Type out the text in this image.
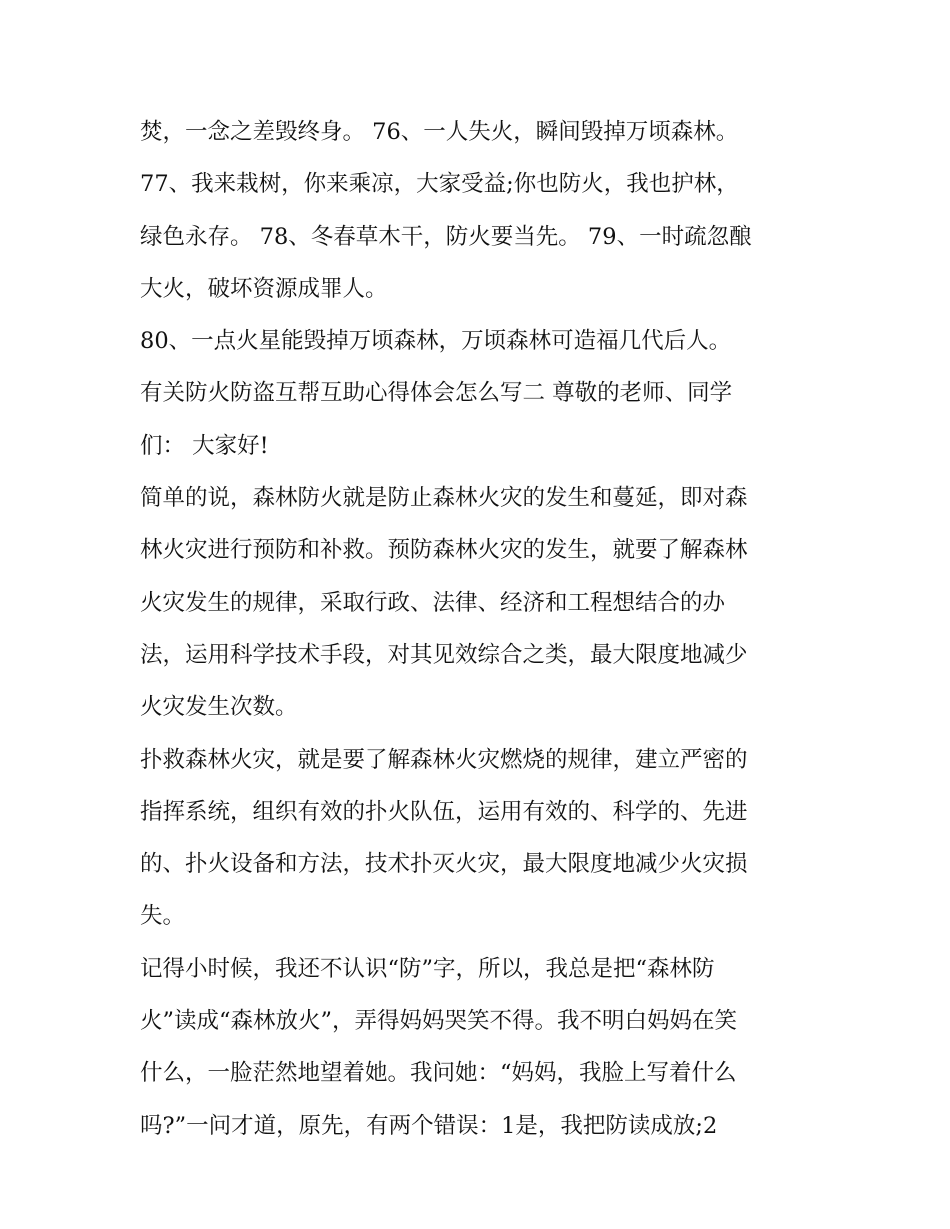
焚，一念之差毁终身。 76、一人失火，瞬间毁掉万顷森林。
77、我来栽树，你来乘凉，大家受益;你也防火，我也护林，
绿色永存。 78、冬春草木干，防火要当先。 79、一时疏忽酿
大火，破坏资源成罪人。
80、一点火星能毁掉万顷森林，万顷森林可造福几代后人。
有关防火防盗互帮互助心得体会怎么写二 尊敬的老师、同学
们： 大家好!
简单的说，森林防火就是防止森林火灾的发生和蔓延，即对森
林火灾进行预防和补救。预防森林火灾的发生，就要了解森林
火灾发生的规律，采取行政、法律、经济和工程想结合的办
法，运用科学技术手段，对其见效综合之类，最大限度地减少
火灾发生次数。
扑救森林火灾，就是要了解森林火灾燃烧的规律，建立严密的
指挥系统，组织有效的扑火队伍，运用有效的、科学的、先进
的、扑火设备和方法，技术扑灭火灾，最大限度地减少火灾损
失。
记得小时候，我还不认识“防”字，所以，我总是把“森林防
火”读成“森林放火”，弄得妈妈哭笑不得。我不明白妈妈在笑
什么，一脸茫然地望着她。我问她：“妈妈，我脸上写着什么
吗?”一问才道，原先，有两个错误：1是，我把防读成放;2
